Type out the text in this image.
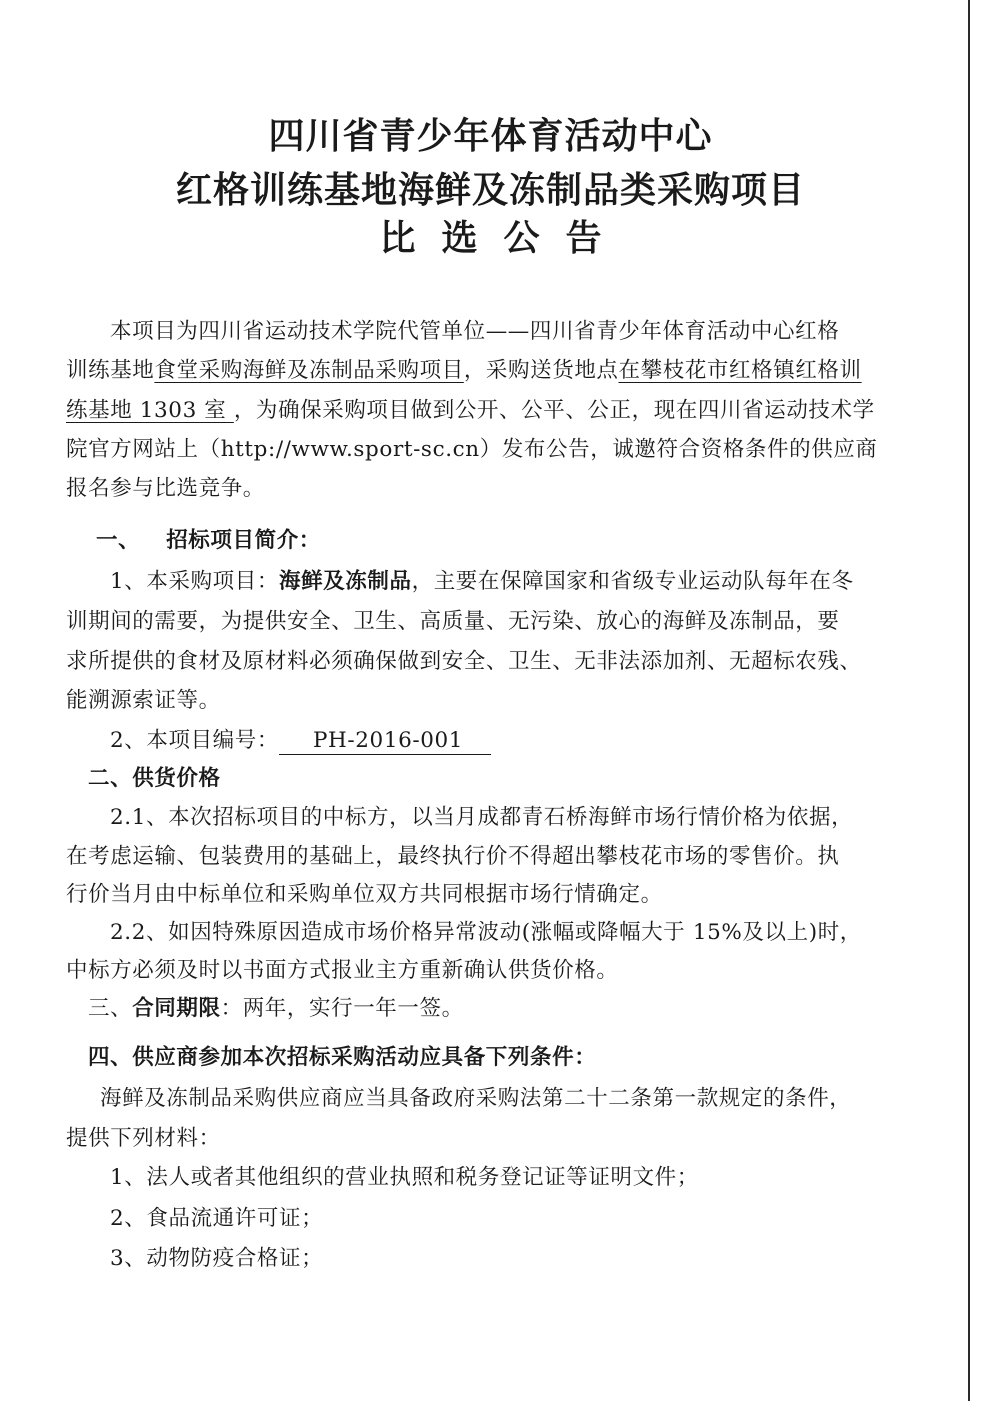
四川省青少年体育活动中心
红格训练基地海鲜及冻制品类采购项目
比选公告
本项目为四川省运动技术学院代管单位——四川省青少年体育活动中心红格
训练基地食堂采购海鲜及冻制品采购项目，采购送货地点在攀枝花市红格镇红格训
练基地 1303 室 ，为确保采购项目做到公开、公平、公正，现在四川省运动技术学
院官方网站上（http://www.sport-sc.cn）发布公告，诚邀符合资格条件的供应商
报名参与比选竞争。
一、 招标项目简介：
1、本采购项目：海鲜及冻制品，主要在保障国家和省级专业运动队每年在冬
训期间的需要，为提供安全、卫生、高质量、无污染、放心的海鲜及冻制品，要
求所提供的食材及原材料必须确保做到安全、卫生、无非法添加剂、无超标农残、
能溯源索证等。
2、本项目编号： PH-2016-001
二、供货价格
2.1、本次招标项目的中标方，以当月成都青石桥海鲜市场行情价格为依据，
在考虑运输、包装费用的基础上，最终执行价不得超出攀枝花市场的零售价。执
行价当月由中标单位和采购单位双方共同根据市场行情确定。
2.2、如因特殊原因造成市场价格异常波动(涨幅或降幅大于 15%及以上)时，
中标方必须及时以书面方式报业主方重新确认供货价格。
三、合同期限：两年，实行一年一签。
四、供应商参加本次招标采购活动应具备下列条件：
海鲜及冻制品采购供应商应当具备政府采购法第二十二条第一款规定的条件，
提供下列材料：
1、法人或者其他组织的营业执照和税务登记证等证明文件；
2、食品流通许可证；
3、动物防疫合格证；
